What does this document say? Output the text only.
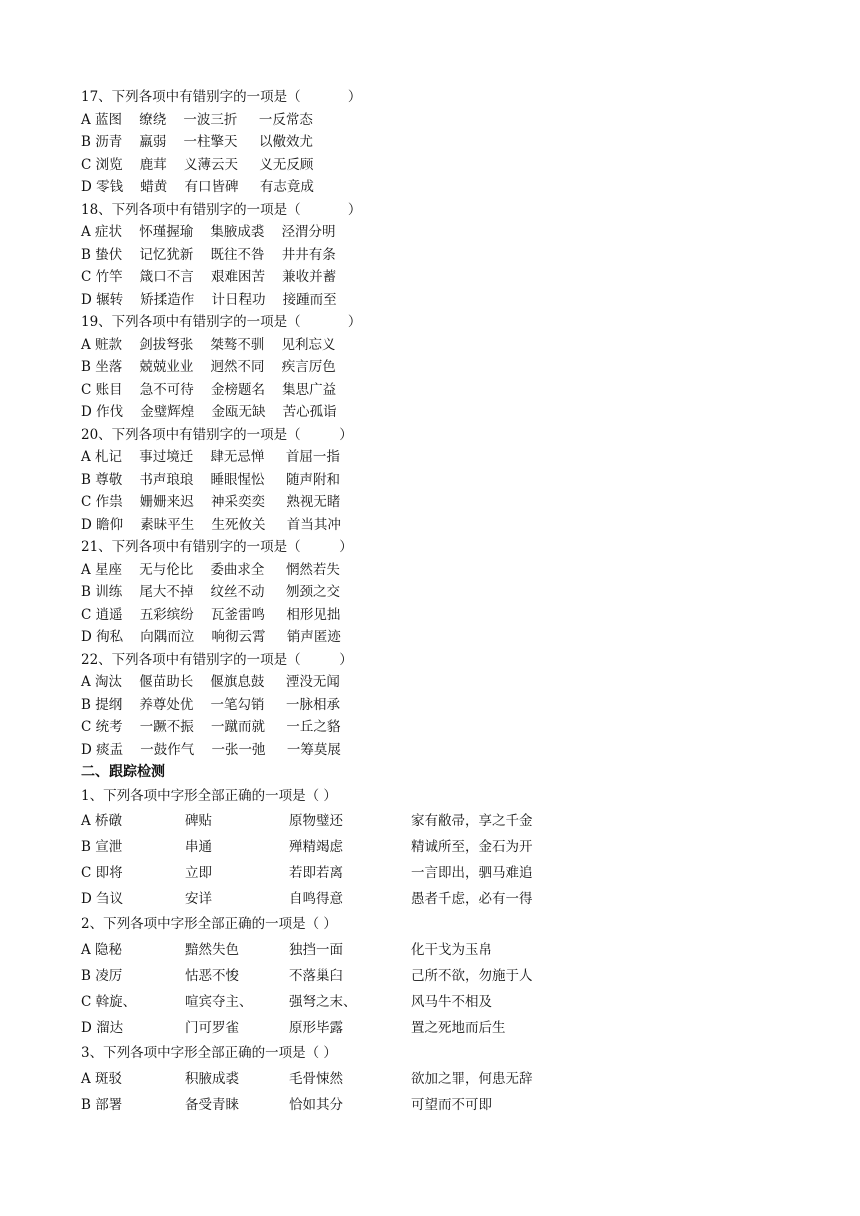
17、下列各项中有错别字的一项是（           ）
A 蓝图    缭绕    一波三折     一反常态
B 沥青    羸弱    一柱擎天     以儆效尤
C 浏览    鹿茸    义薄云天     义无反顾
D 零钱    蜡黄    有口皆碑     有志竟成
18、下列各项中有错别字的一项是（           ）
A 症状    怀瑾握瑜    集腋成裘    泾渭分明
B 蛰伏    记忆犹新    既往不咎    井井有条
C 竹竿    箴口不言    艰难困苦    兼收并蓄
D 辗转    矫揉造作    计日程功    接踵而至
19、下列各项中有错别字的一项是（           ）
A 赃款    剑拔弩张    桀骜不驯    见利忘义
B 坐落    兢兢业业    迥然不同    疾言厉色
C 账目    急不可待    金榜题名    集思广益
D 作伐    金璧辉煌    金瓯无缺    苦心孤诣
20、下列各项中有错别字的一项是（         ）
A 札记    事过境迁    肆无忌惮     首屈一指
B 尊敬    书声琅琅    睡眼惺忪     随声附和
C 作祟    姗姗来迟    神采奕奕     熟视无睹
D 瞻仰    素昧平生    生死攸关     首当其冲
21、下列各项中有错别字的一项是（         ）
A 星座    无与伦比    委曲求全     惘然若失
B 训练    尾大不掉    纹丝不动     刎颈之交
C 逍遥    五彩缤纷    瓦釜雷鸣     相形见拙
D 徇私    向隅而泣    响彻云霄     销声匿迹
22、下列各项中有错别字的一项是（         ）
A 淘汰    偃苗助长    偃旗息鼓     湮没无闻
B 提纲    养尊处优    一笔勾销     一脉相承
C 统考    一蹶不振    一蹴而就     一丘之貉
D 痰盂    一鼓作气    一张一弛     一筹莫展
二、跟踪检测
1、下列各项中字形全部正确的一项是（ ）
A 桥礅	碑贴	原物璧还	家有敝帚，享之千金
B 宣泄	串通	殚精竭虑	精诚所至，金石为开
C 即将	立即	若即若离	一言即出，驷马难追
D 刍议	安详	自鸣得意	愚者千虑，必有一得
2、下列各项中字形全部正确的一项是（ ）
A 隐秘	黯然失色	独挡一面	化干戈为玉帛
B 凌厉	怙恶不悛	不落巢臼	己所不欲，勿施于人
C 斡旋、	喧宾夺主、	强弩之末、	风马牛不相及
D 溜达	门可罗雀	原形毕露	置之死地而后生
3、下列各项中字形全部正确的一项是（ ）
A 斑驳	积腋成裘	毛骨悚然	欲加之罪，何患无辞
B 部署	备受青睐	恰如其分	可望而不可即
